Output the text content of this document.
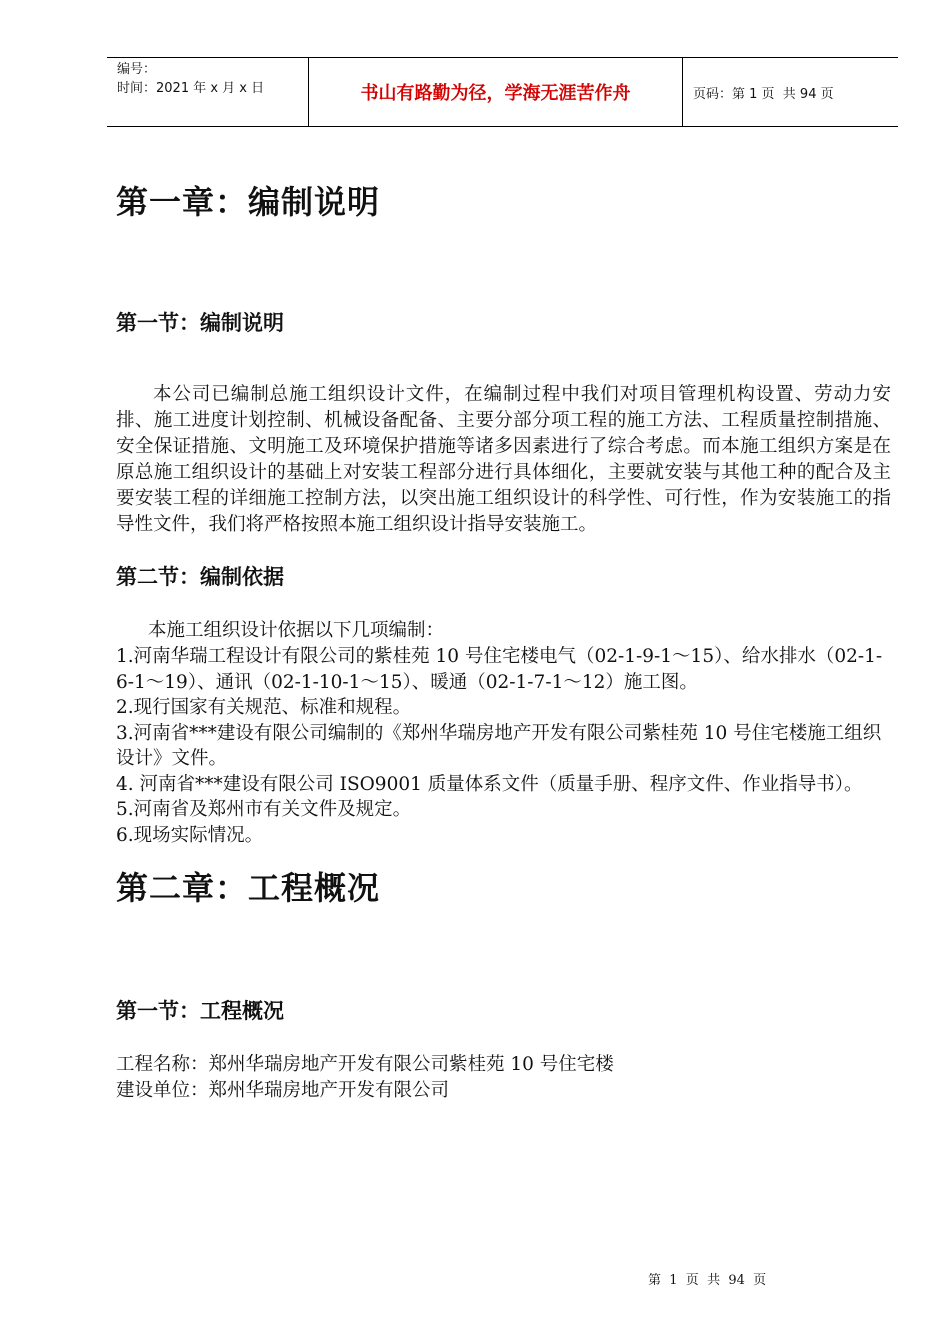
编号：
时间：2021 年 x 月 x 日	书山有路勤为径，学海无涯苦作舟	页码：第 1 页  共 94 页
第一章：编制说明
第一节：编制说明

本公司已编制总施工组织设计文件，在编制过程中我们对项目管理机构设置、劳动力安排、施工进度计划控制、机械设备配备、主要分部分项工程的施工方法、工程质量控制措施、安全保证措施、文明施工及环境保护措施等诸多因素进行了综合考虑。而本施工组织方案是在原总施工组织设计的基础上对安装工程部分进行具体细化，主要就安装与其他工种的配合及主要安装工程的详细施工控制方法，以突出施工组织设计的科学性、可行性，作为安装施工的指导性文件，我们将严格按照本施工组织设计指导安装施工。

第二节：编制依据

本施工组织设计依据以下几项编制：

1.河南华瑞工程设计有限公司的紫桂苑 10 号住宅楼电气（02-1-9-1～15）、给水排水（02-1-6-1～19）、通讯（02-1-10-1～15）、暖通（02-1-7-1～12）施工图。

2.现行国家有关规范、标准和规程。

3.河南省***建设有限公司编制的《郑州华瑞房地产开发有限公司紫桂苑 10 号住宅楼施工组织设计》文件。

4. 河南省***建设有限公司 ISO9001 质量体系文件（质量手册、程序文件、作业指导书）。

5.河南省及郑州市有关文件及规定。

6.现场实际情况。

第二章：工程概况
第一节：工程概况

工程名称：郑州华瑞房地产开发有限公司紫桂苑 10 号住宅楼

建设单位：郑州华瑞房地产开发有限公司

第  1  页  共  94  页
